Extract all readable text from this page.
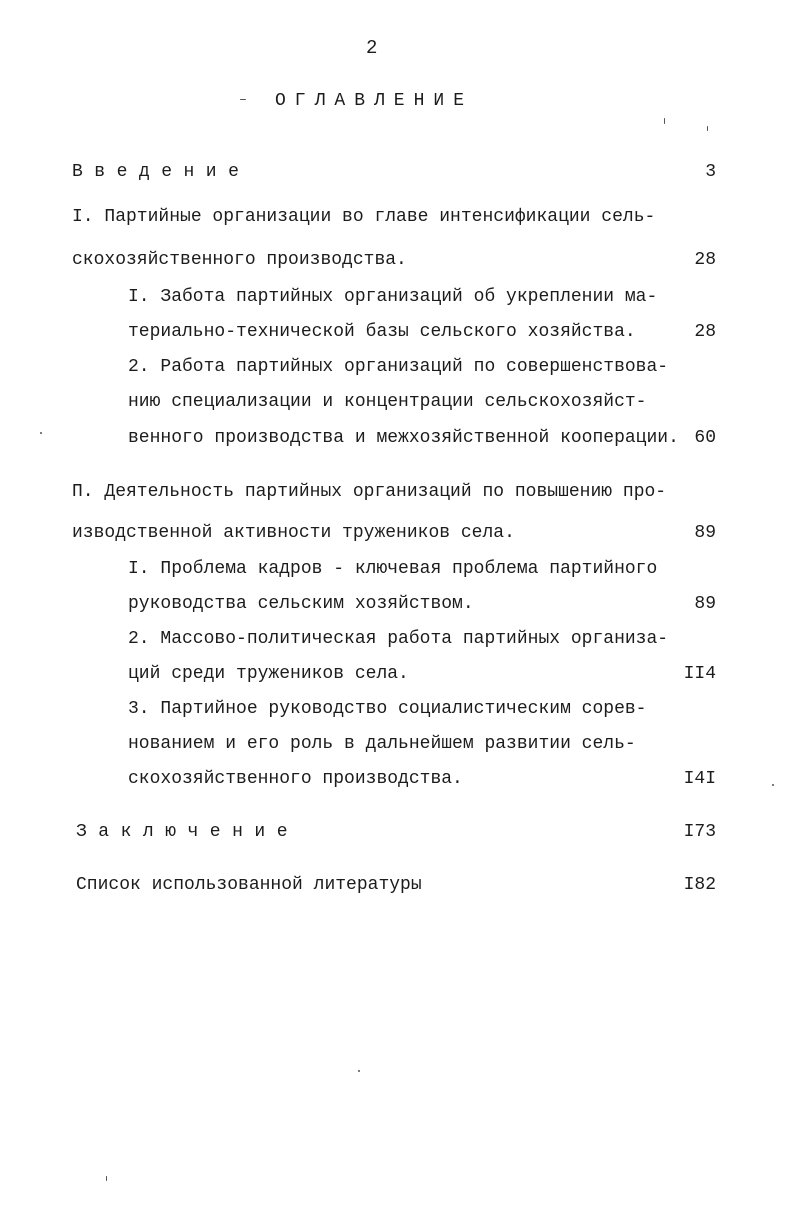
2
ОГЛАВЛЕНИЕ
Введение	3
I. Партийные организации во главе интенсификации сель-
скохозяйственного производства.	28
I. Забота партийных организаций об укреплении ма-
териально-технической базы сельского хозяйства.	28
2. Работа партийных организаций по совершенствова-
нию специализации и концентрации сельскохозяйст-
венного производства и межхозяйственной кооперации. 60
П. Деятельность партийных организаций по повышению про-
изводственной активности тружеников села.	89
I. Проблема кадров - ключевая проблема партийного
руководства сельским хозяйством.	89
2. Массово-политическая работа партийных организа-
ций среди тружеников села.	II4
3. Партийное руководство социалистическим сорев-
нованием и его роль в дальнейшем развитии сель-
скохозяйственного производства.	I4I
Заключение	I73
Список использованной литературы	I82
